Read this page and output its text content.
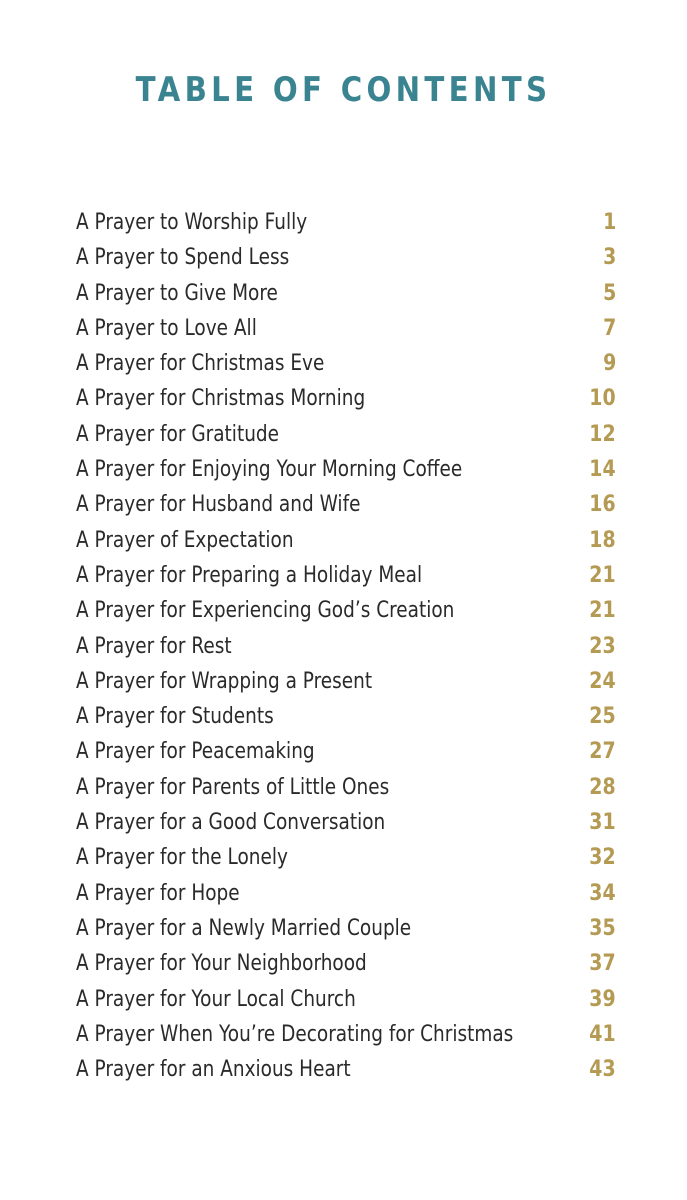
TABLE OF CONTENTS
A Prayer to Worship Fully	1
A Prayer to Spend Less	3
A Prayer to Give More	5
A Prayer to Love All	7
A Prayer for Christmas Eve	9
A Prayer for Christmas Morning	10
A Prayer for Gratitude	12
A Prayer for Enjoying Your Morning Coffee	14
A Prayer for Husband and Wife	16
A Prayer of Expectation	18
A Prayer for Preparing a Holiday Meal	21
A Prayer for Experiencing God’s Creation	21
A Prayer for Rest	23
A Prayer for Wrapping a Present	24
A Prayer for Students	25
A Prayer for Peacemaking	27
A Prayer for Parents of Little Ones	28
A Prayer for a Good Conversation	31
A Prayer for the Lonely	32
A Prayer for Hope	34
A Prayer for a Newly Married Couple	35
A Prayer for Your Neighborhood	37
A Prayer for Your Local Church	39
A Prayer When You’re Decorating for Christmas	41
A Prayer for an Anxious Heart	43
